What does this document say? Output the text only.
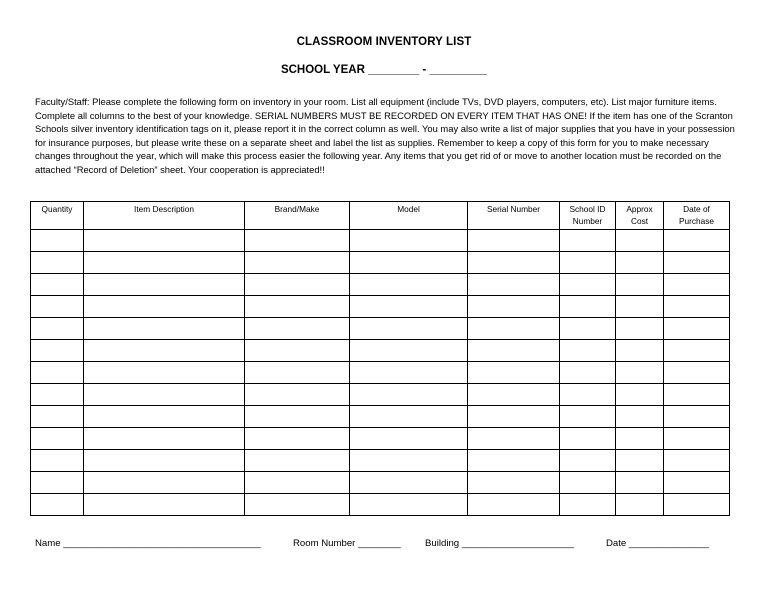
CLASSROOM INVENTORY LIST
SCHOOL YEAR ________ - _________
Faculty/Staff: Please complete the following form on inventory in your room. List all equipment (include TVs, DVD players, computers, etc). List major furniture items. Complete all columns to the best of your knowledge. SERIAL NUMBERS MUST BE RECORDED ON EVERY ITEM THAT HAS ONE! If the item has one of the Scranton Schools silver inventory identification tags on it, please report it in the correct column as well. You may also write a list of major supplies that you have in your possession for insurance purposes, but please write these on a separate sheet and label the list as supplies. Remember to keep a copy of this form for you to make necessary changes throughout the year, which will make this process easier the following year. Any items that you get rid of or move to another location must be recorded on the attached “Record of Deletion” sheet. Your cooperation is appreciated!!
Quantity	Item Description	Brand/Make	Model	Serial Number	School ID Number	Approx Cost	Date of Purchase

Name _____________________________________	Room Number ________	Building _____________________	Date _______________
